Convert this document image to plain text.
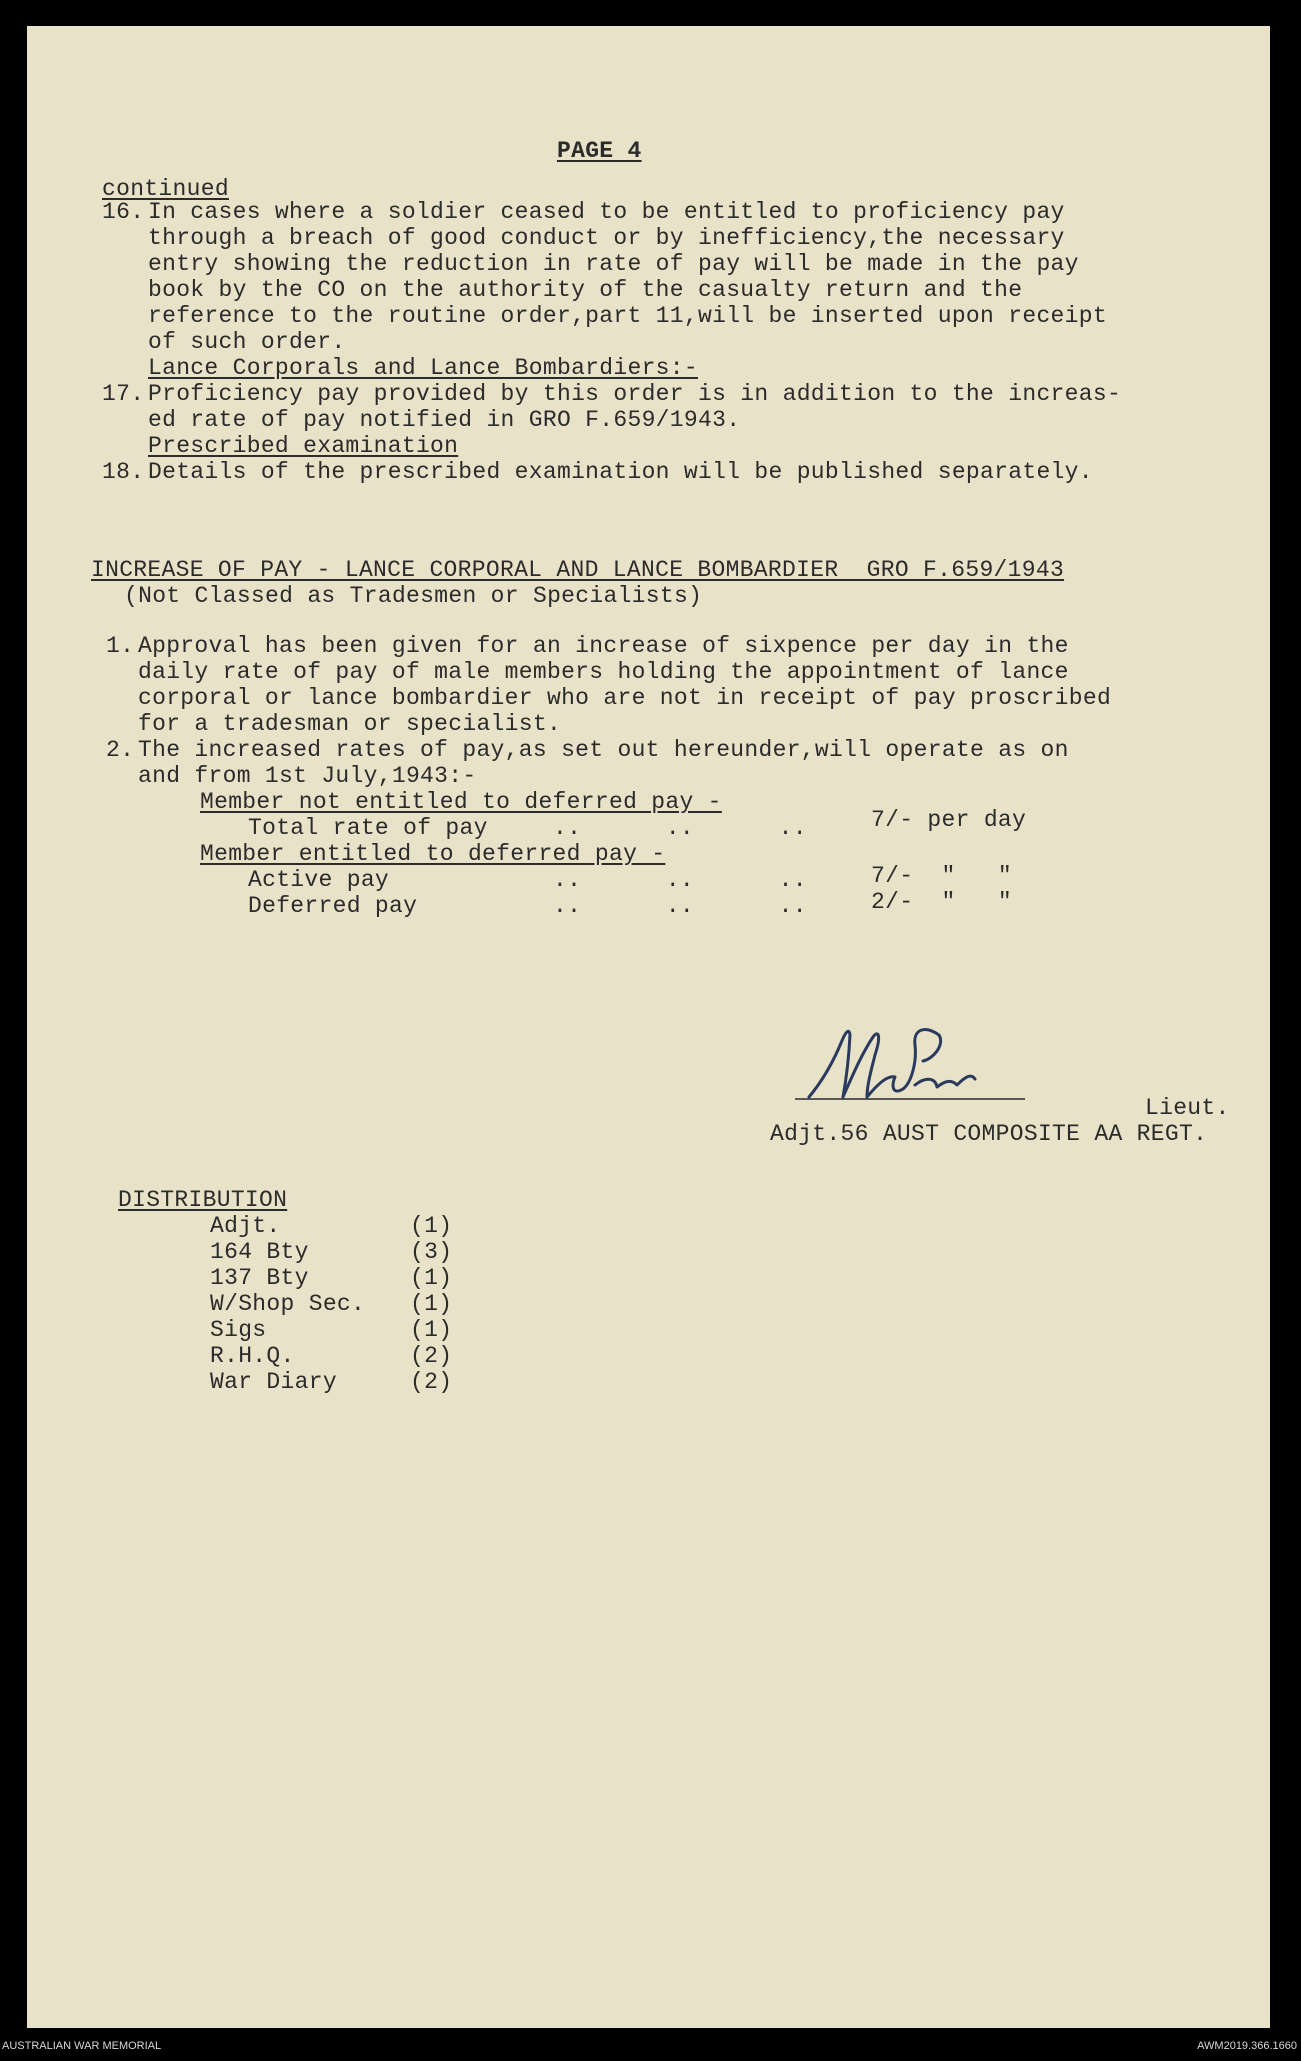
PAGE 4
continued
16. In cases where a soldier ceased to be entitled to proficiency pay
through a breach of good conduct or by inefficiency,the necessary
entry showing the reduction in rate of pay will be made in the pay
book by the CO on the authority of the casualty return and the
reference to the routine order,part 11,will be inserted upon receipt
of such order.
Lance Corporals and Lance Bombardiers:-
17. Proficiency pay provided by this order is in addition to the increas-
ed rate of pay notified in GRO F.659/1943.
Prescribed examination
18. Details of the prescribed examination will be published separately.
INCREASE OF PAY - LANCE CORPORAL AND LANCE BOMBARDIER  GRO F.659/1943
(Not Classed as Tradesmen or Specialists)
1. Approval has been given for an increase of sixpence per day in the
daily rate of pay of male members holding the appointment of lance
corporal or lance bombardier who are not in receipt of pay proscribed
for a tradesman or specialist.
2. The increased rates of pay,as set out hereunder,will operate as on
and from 1st July,1943:-
Member not entitled to deferred pay -
Total rate of pay	..      ..      ..	7/- per day
Member entitled to deferred pay -
Active pay	..      ..      ..	7/-  "   "
Deferred pay	..      ..      ..	2/-  "   "
Lieut.
Adjt.56 AUST COMPOSITE AA REGT.
DISTRIBUTION
Adjt.	(1)
164 Bty	(3)
137 Bty	(1)
W/Shop Sec. (1)
Sigs	(1)
R.H.Q.	(2)
War Diary	(2)
AUSTRALIAN WAR MEMORIAL	AWM2019.366.1660
